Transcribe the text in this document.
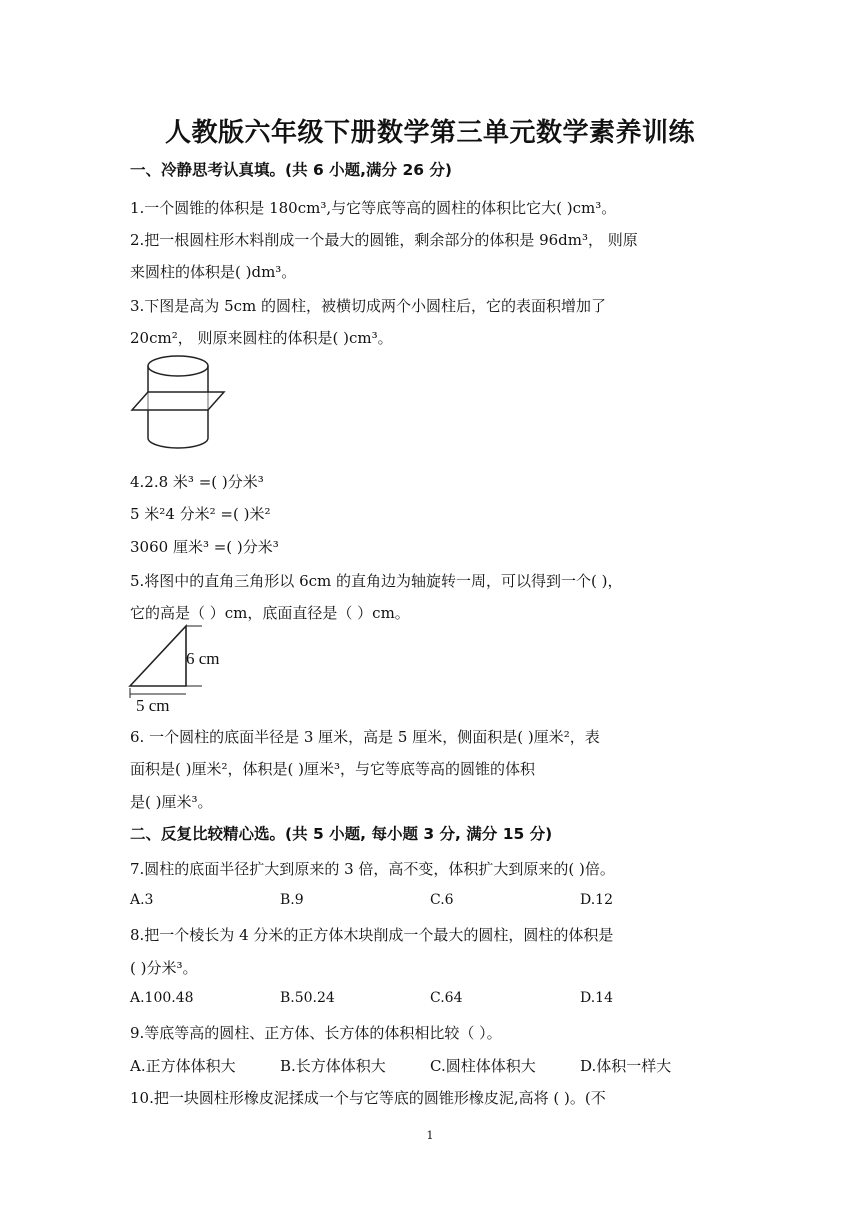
人教版六年级下册数学第三单元数学素养训练
一、冷静思考认真填。(共 6 小题,满分 26 分)
1.一个圆锥的体积是 180cm³,与它等底等高的圆柱的体积比它大( )cm³。
2.把一根圆柱形木料削成一个最大的圆锥，剩余部分的体积是 96dm³， 则原
来圆柱的体积是( )dm³。
3.下图是高为 5cm 的圆柱，被横切成两个小圆柱后，它的表面积增加了
20cm²， 则原来圆柱的体积是( )cm³。
4.2.8 米³ =( )分米³
5 米²4 分米² =( )米²
3060 厘米³ =( )分米³
5.将图中的直角三角形以 6cm 的直角边为轴旋转一周，可以得到一个( )，
它的高是（ ）cm，底面直径是（ ）cm。
6 cm
5 cm
6. 一个圆柱的底面半径是 3 厘米，高是 5 厘米，侧面积是( )厘米²，表
面积是( )厘米²，体积是( )厘米³，与它等底等高的圆锥的体积
是( )厘米³。
二、反复比较精心选。(共 5 小题, 每小题 3 分, 满分 15 分)
7.圆柱的底面半径扩大到原来的 3 倍，高不变，体积扩大到原来的( )倍。
A.3	B.9	C.6	D.12
8.把一个棱长为 4 分米的正方体木块削成一个最大的圆柱，圆柱的体积是
( )分米³。
A.100.48	B.50.24	C.64	D.14
9.等底等高的圆柱、正方体、长方体的体积相比较（ ）。
A.正方体体积大	B.长方体体积大	C.圆柱体体积大	D.体积一样大
10.把一块圆柱形橡皮泥揉成一个与它等底的圆锥形橡皮泥,高将 ( )。(不
1
